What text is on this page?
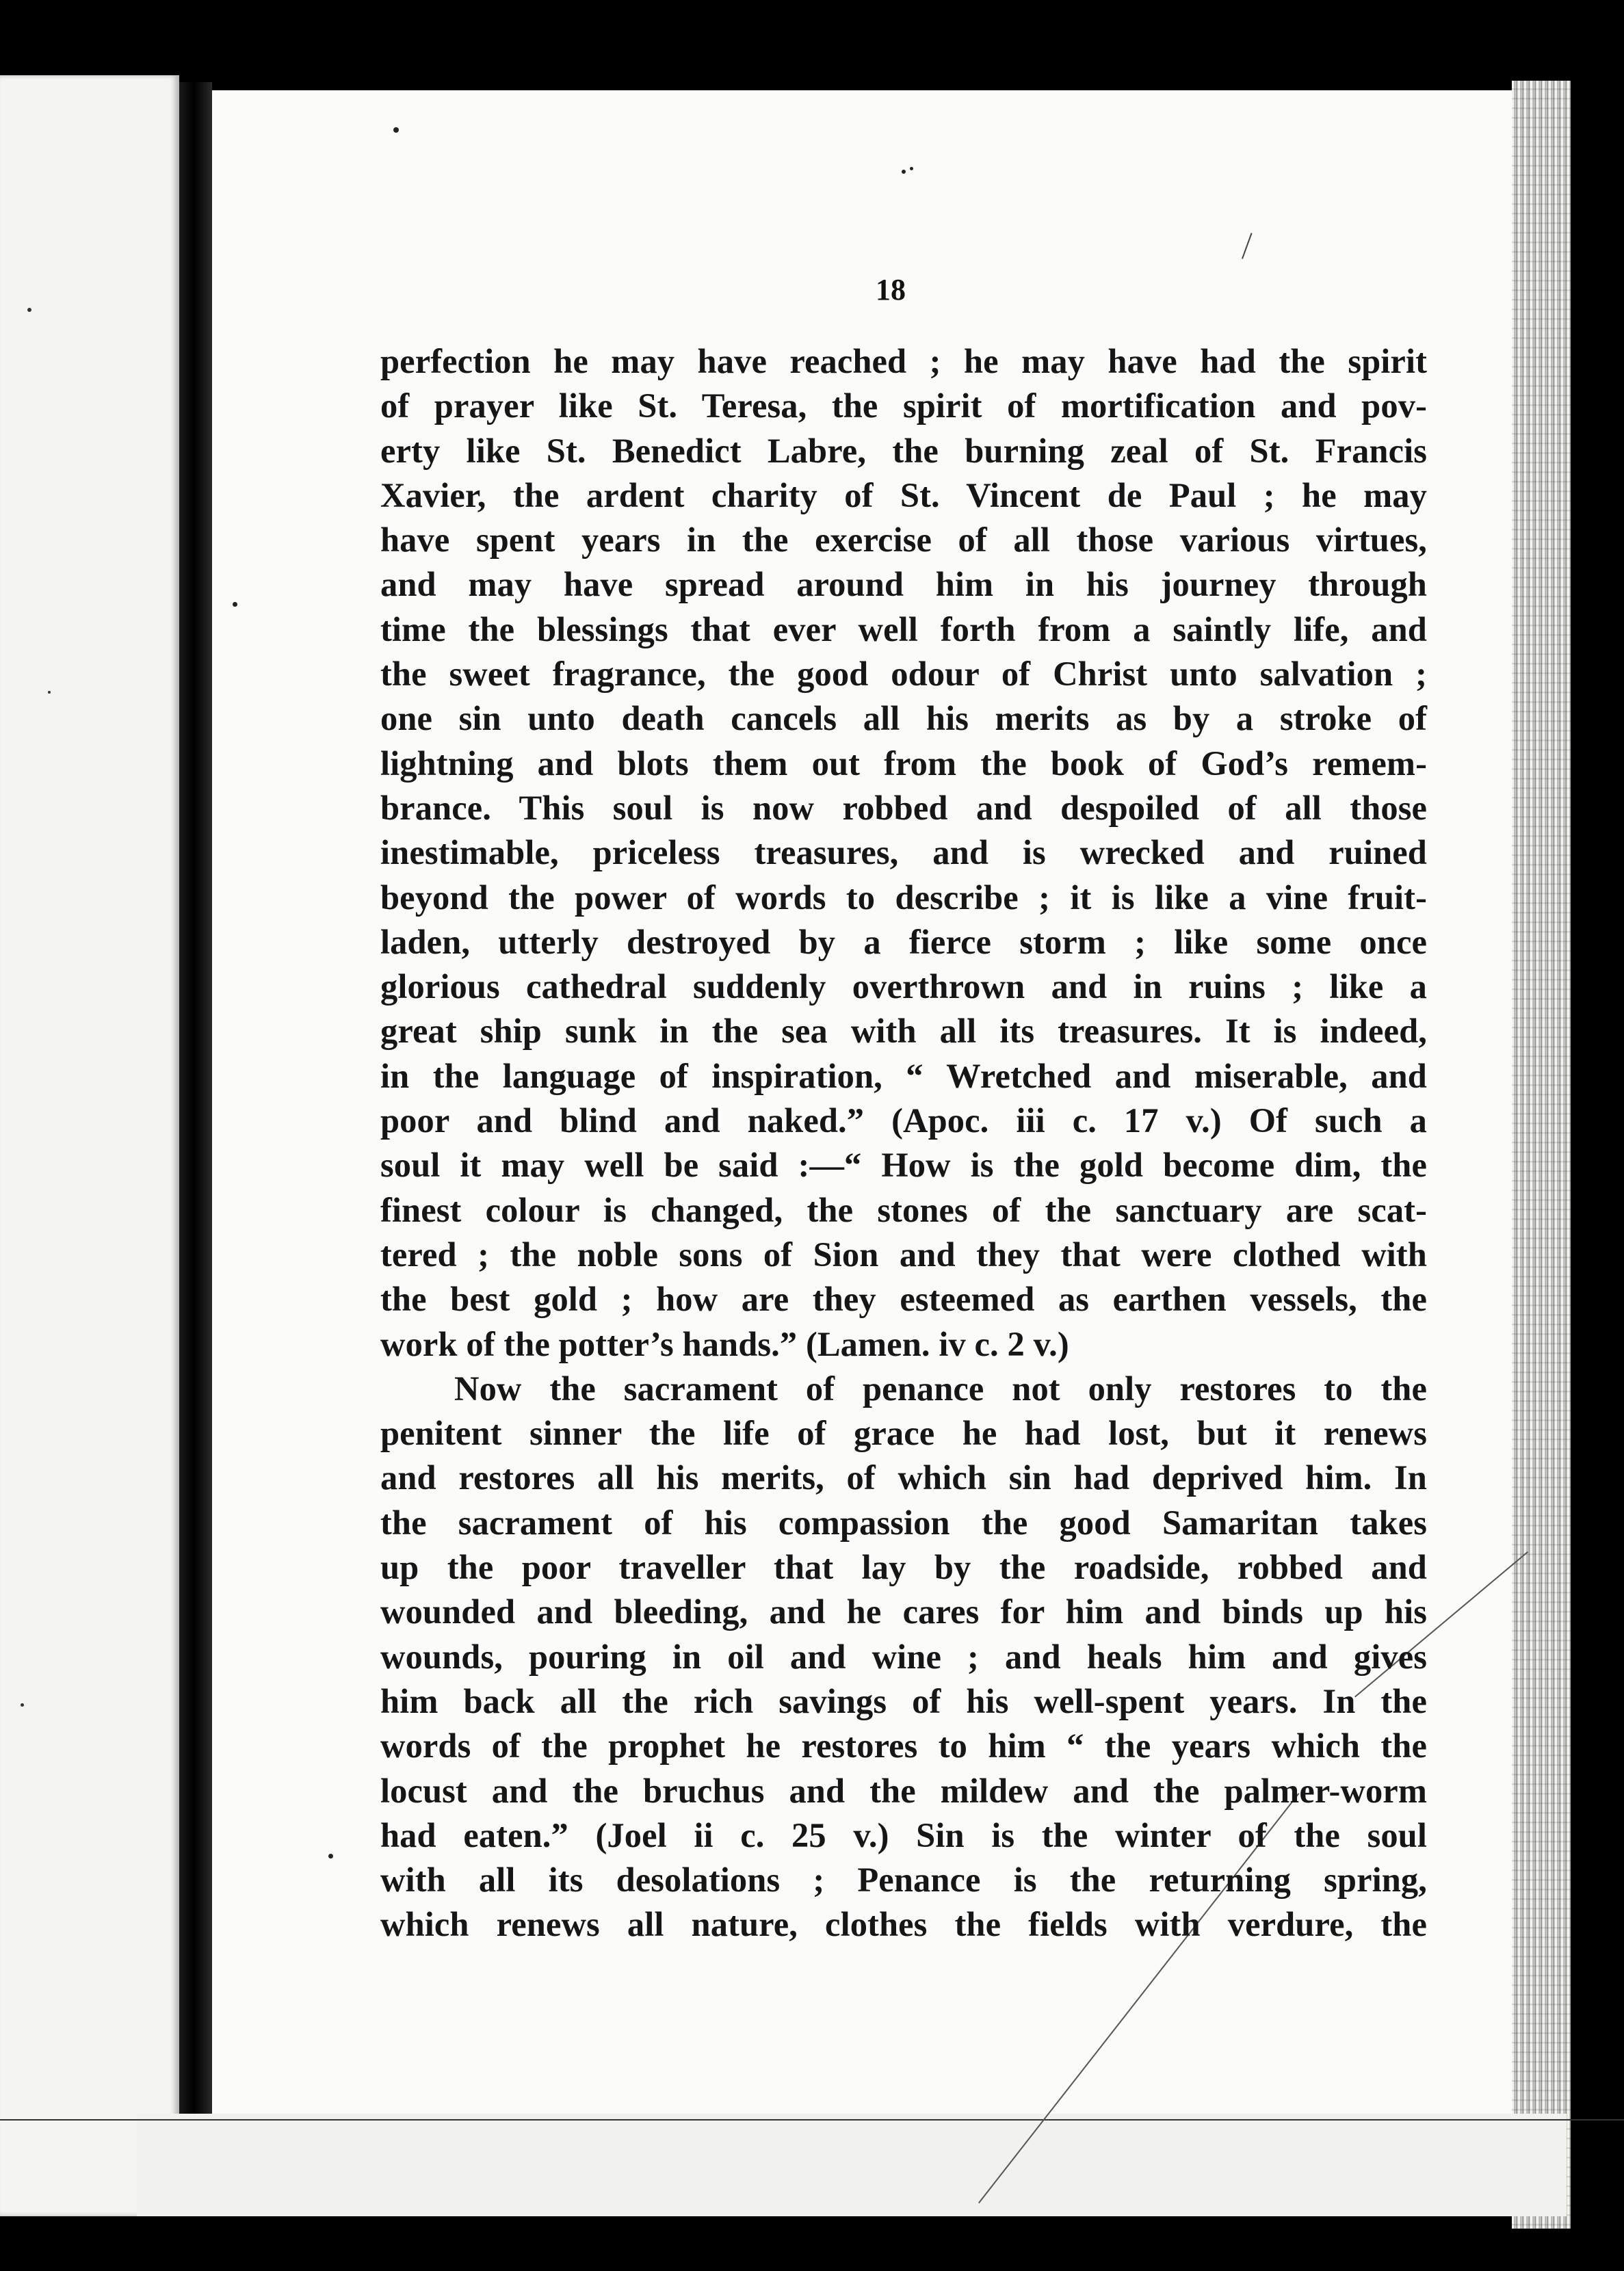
18
perfection he may have reached ; he may have had the spirit
of prayer like St. Teresa, the spirit of mortification and pov-
erty like St. Benedict Labre, the burning zeal of St. Francis
Xavier, the ardent charity of St. Vincent de Paul ; he may
have spent years in the exercise of all those various virtues,
and may have spread around him in his journey through
time the blessings that ever well forth from a saintly life, and
the sweet fragrance, the good odour of Christ unto salvation ;
one sin unto death cancels all his merits as by a stroke of
lightning and blots them out from the book of God’s remem-
brance. This soul is now robbed and despoiled of all those
inestimable, priceless treasures, and is wrecked and ruined
beyond the power of words to describe ; it is like a vine fruit-
laden, utterly destroyed by a fierce storm ; like some once
glorious cathedral suddenly overthrown and in ruins ; like a
great ship sunk in the sea with all its treasures. It is indeed,
in the language of inspiration, “ Wretched and miserable, and
poor and blind and naked.” (Apoc. iii c. 17 v.) Of such a
soul it may well be said :—“ How is the gold become dim, the
finest colour is changed, the stones of the sanctuary are scat-
tered ; the noble sons of Sion and they that were clothed with
the best gold ; how are they esteemed as earthen vessels, the
work of the potter’s hands.” (Lamen. iv c. 2 v.)
Now the sacrament of penance not only restores to the
penitent sinner the life of grace he had lost, but it renews
and restores all his merits, of which sin had deprived him. In
the sacrament of his compassion the good Samaritan takes
up the poor traveller that lay by the roadside, robbed and
wounded and bleeding, and he cares for him and binds up his
wounds, pouring in oil and wine ; and heals him and gives
him back all the rich savings of his well-spent years. In the
words of the prophet he restores to him “ the years which the
locust and the bruchus and the mildew and the palmer-worm
had eaten.” (Joel ii c. 25 v.) Sin is the winter of the soul
with all its desolations ; Penance is the returning spring,
which renews all nature, clothes the fields with verdure, the
